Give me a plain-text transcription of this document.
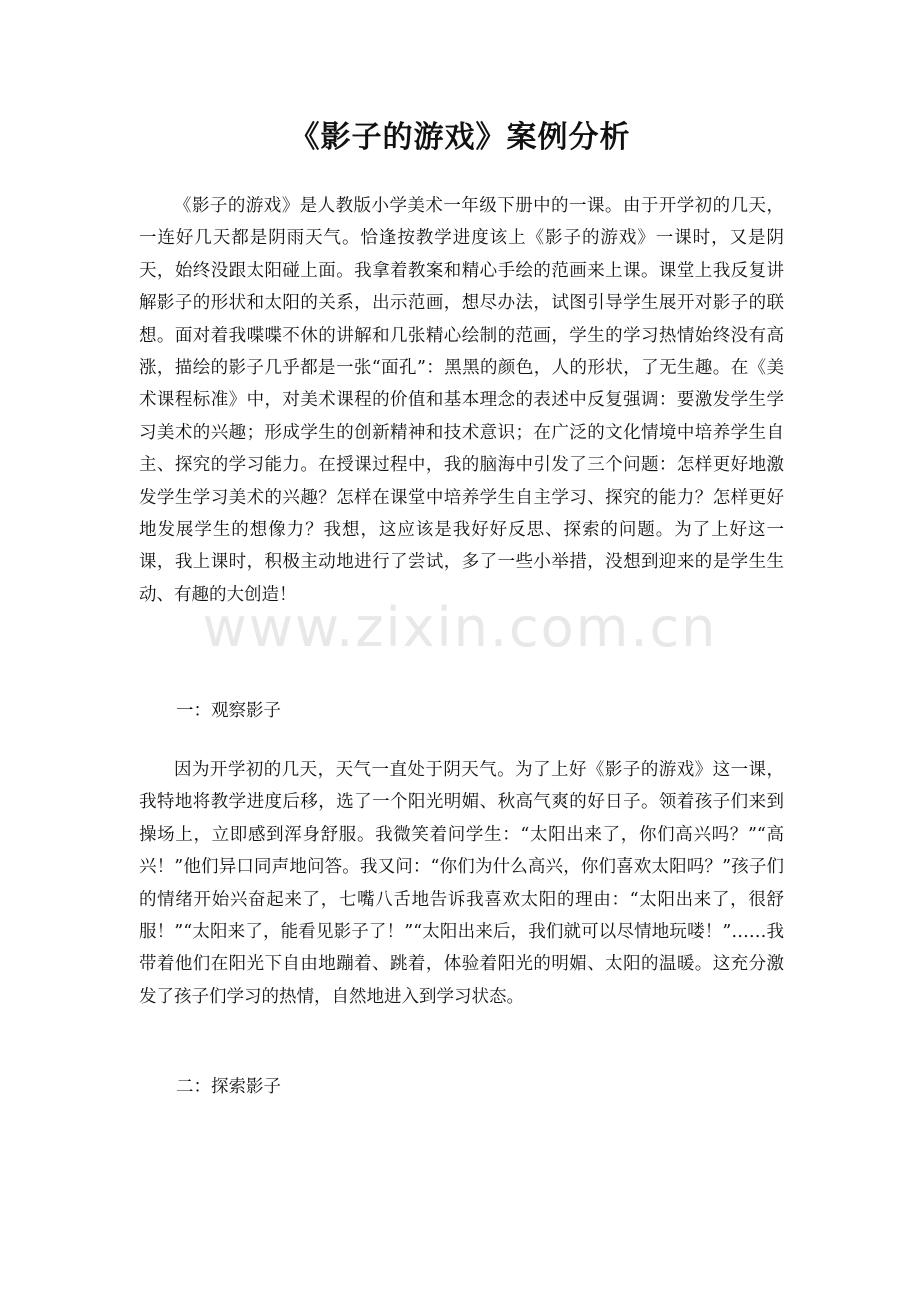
《影子的游戏》案例分析
《影子的游戏》是人教版小学美术一年级下册中的一课。由于开学初的几天，一连好几天都是阴雨天气。恰逢按教学进度该上《影子的游戏》一课时，又是阴天，始终没跟太阳碰上面。我拿着教案和精心手绘的范画来上课。课堂上我反复讲解影子的形状和太阳的关系，出示范画，想尽办法，试图引导学生展开对影子的联想。面对着我喋喋不休的讲解和几张精心绘制的范画，学生的学习热情始终没有高涨，描绘的影子几乎都是一张“面孔”：黑黑的颜色，人的形状，了无生趣。在《美术课程标准》中，对美术课程的价值和基本理念的表述中反复强调：要激发学生学习美术的兴趣；形成学生的创新精神和技术意识；在广泛的文化情境中培养学生自主、探究的学习能力。在授课过程中，我的脑海中引发了三个问题：怎样更好地激发学生学习美术的兴趣？怎样在课堂中培养学生自主学习、探究的能力？怎样更好地发展学生的想像力？我想，这应该是我好好反思、探索的问题。为了上好这一课，我上课时，积极主动地进行了尝试，多了一些小举措，没想到迎来的是学生生动、有趣的大创造！
一：观察影子
因为开学初的几天，天气一直处于阴天气。为了上好《影子的游戏》这一课，我特地将教学进度后移，选了一个阳光明媚、秋高气爽的好日子。领着孩子们来到操场上，立即感到浑身舒服。我微笑着问学生：“太阳出来了，你们高兴吗？”“高兴！”他们异口同声地问答。我又问：“你们为什么高兴，你们喜欢太阳吗？”孩子们的情绪开始兴奋起来了，七嘴八舌地告诉我喜欢太阳的理由：“太阳出来了，很舒服！”“太阳来了，能看见影子了！”“太阳出来后，我们就可以尽情地玩喽！”……我带着他们在阳光下自由地蹦着、跳着，体验着阳光的明媚、太阳的温暖。这充分激发了孩子们学习的热情，自然地进入到学习状态。
二：探索影子
www.zixin.com.cn
